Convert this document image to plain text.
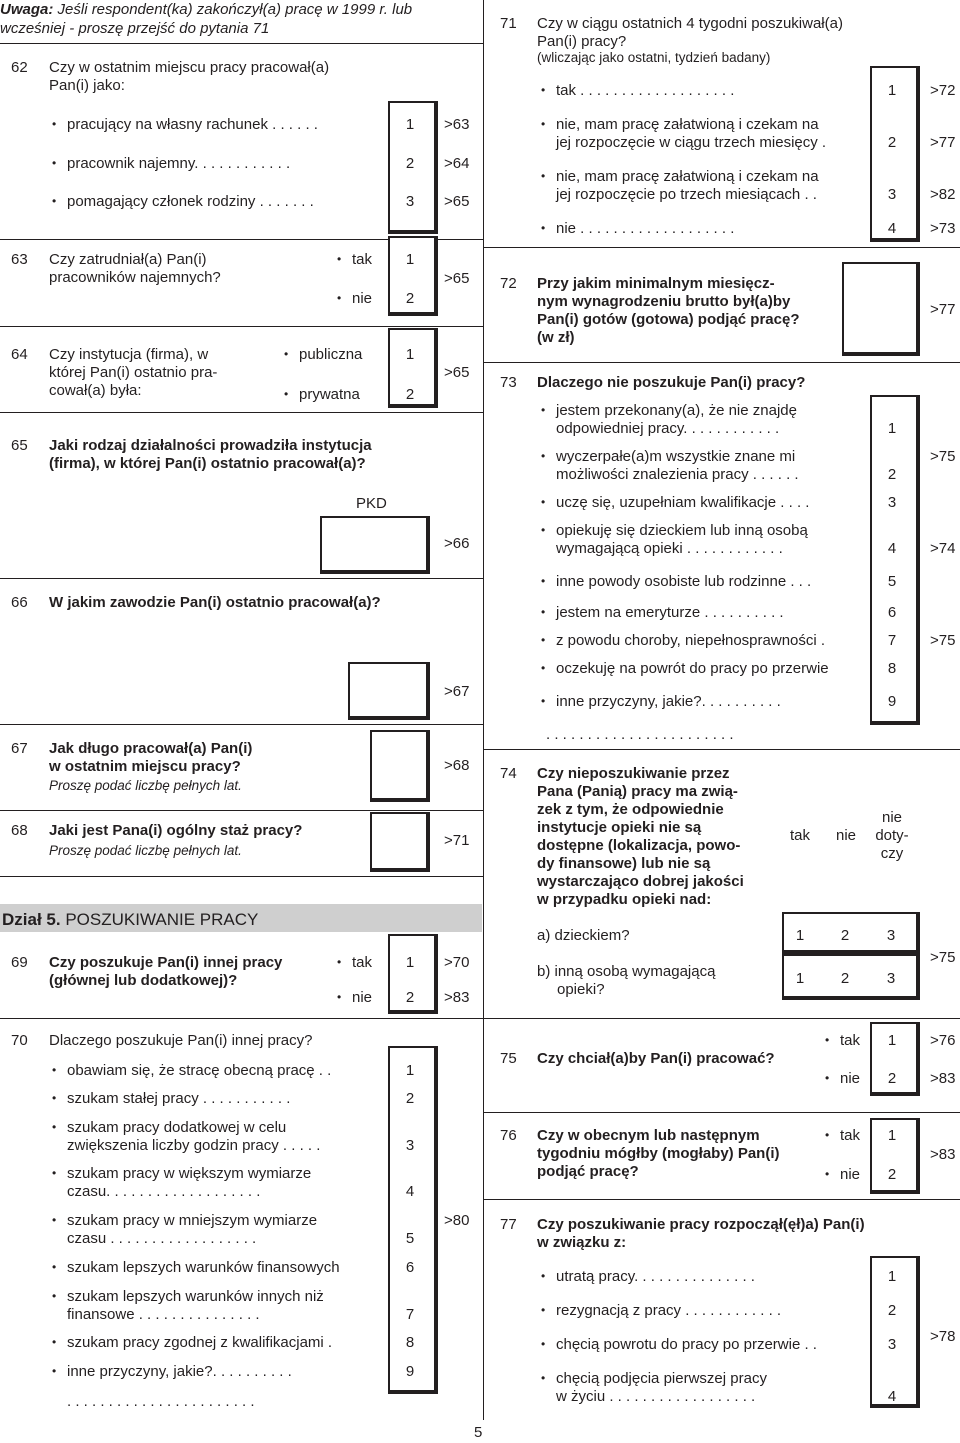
Uwaga: Jeśli respondent(ka) zakończył(a) pracę w 1999 r. lub
wcześniej - proszę przejść do pytania 71
62 Czy w ostatnim miejscu pracy pracował(a)
Pan(i) jako:
• pracujący na własny rachunek . . . . . .	1	>63
• pracownik najemny. . . . . . . . . . . .	2	>64
• pomagający członek rodziny . . . . . . .	3	>65
63 Czy zatrudniał(a) Pan(i)
pracowników najemnych?
• tak	1
• nie	2
>65
64 Czy instytucja (firma), w
której Pan(i) ostatnio pra-
cował(a) była:
• publiczna	1
• prywatna	2
>65
65 Jaki rodzaj działalności prowadziła instytucja
(firma), w której Pan(i) ostatnio pracował(a)?
PKD
>66
66 W jakim zawodzie Pan(i) ostatnio pracował(a)?
>67
67 Jak długo pracował(a) Pan(i)
w ostatnim miejscu pracy?
Proszę podać liczbę pełnych lat.
>68
68 Jaki jest Pana(i) ogólny staż pracy?
Proszę podać liczbę pełnych lat.
>71
Dział 5. POSZUKIWANIE PRACY
69 Czy poszukuje Pan(i) innej pracy
(głównej lub dodatkowej)?
• tak	1	>70
• nie	2	>83
70 Dlaczego poszukuje Pan(i) innej pracy?
• obawiam się, że stracę obecną pracę . .	1
• szukam stałej pracy . . . . . . . . . . .	2
• szukam pracy dodatkowej w celu
zwiększenia liczby godzin pracy . . . . .	3
• szukam pracy w większym wymiarze
czasu. . . . . . . . . . . . . . . . . . .	4
• szukam pracy w mniejszym wymiarze
czasu . . . . . . . . . . . . . . . . . .	5
>80
• szukam lepszych warunków finansowych	6
• szukam lepszych warunków innych niż
finansowe . . . . . . . . . . . . . . .	7
• szukam pracy zgodnej z kwalifikacjami .	8
• inne przyczyny, jakie?. . . . . . . . . .	9
. . . . . . . . . . . . . . . . . . . . . . .
71 Czy w ciągu ostatnich 4 tygodni poszukiwał(a)
Pan(i) pracy?
(wliczając jako ostatni, tydzień badany)
• tak . . . . . . . . . . . . . . . . . . .	1	>72
• nie, mam pracę załatwioną i czekam na
jej rozpoczęcie w ciągu trzech miesięcy .	2	>77
• nie, mam pracę załatwioną i czekam na
jej rozpoczęcie po trzech miesiącach . .	3	>82
• nie . . . . . . . . . . . . . . . . . . .	4	>73
72 Przy jakim minimalnym miesięcz-
nym wynagrodzeniu brutto był(a)by
Pan(i) gotów (gotowa) podjąć pracę?
(w zł)
>77
73 Dlaczego nie poszukuje Pan(i) pracy?
• jestem przekonany(a), że nie znajdę
odpowiedniej pracy. . . . . . . . . . . .	1
• wyczerpałe(a)m wszystkie znane mi
możliwości znalezienia pracy . . . . . .	2
>75
• uczę się, uzupełniam kwalifikacje . . . .	3
• opiekuję się dzieckiem lub inną osobą
wymagającą opieki . . . . . . . . . . . .	4	>74
• inne powody osobiste lub rodzinne . . .	5
• jestem na emeryturze . . . . . . . . . .	6
• z powodu choroby, niepełnosprawności .	7	>75
• oczekuję na powrót do pracy po przerwie	8
• inne przyczyny, jakie?. . . . . . . . . .	9
. . . . . . . . . . . . . . . . . . . . . . .
74 Czy nieposzukiwanie przez
Pana (Panią) pracy ma zwią-
zek z tym, że odpowiednie
instytucje opieki nie są
dostępne (lokalizacja, powo-
dy finansowe) lub nie są
wystarczająco dobrej jakości
w przypadku opieki nad:
tak nie
nie
doty-
czy
a) dzieckiem?	1	2	3
b) inną osobą wymagającą
opieki?
1	2	3
>75
75 Czy chciał(a)by Pan(i) pracować?
• tak	1	>76
• nie	2	>83
76 Czy w obecnym lub następnym
tygodniu mógłby (mogłaby) Pan(i)
podjąć pracę?
• tak	1
• nie	2
>83
77 Czy poszukiwanie pracy rozpoczął(ęł)a) Pan(i)
w związku z:
• utratą pracy. . . . . . . . . . . . . . .	1
• rezygnacją z pracy . . . . . . . . . . . .	2
• chęcią powrotu do pracy po przerwie . .	3
• chęcią podjęcia pierwszej pracy
w życiu . . . . . . . . . . . . . . . . . .	4
>78
5
